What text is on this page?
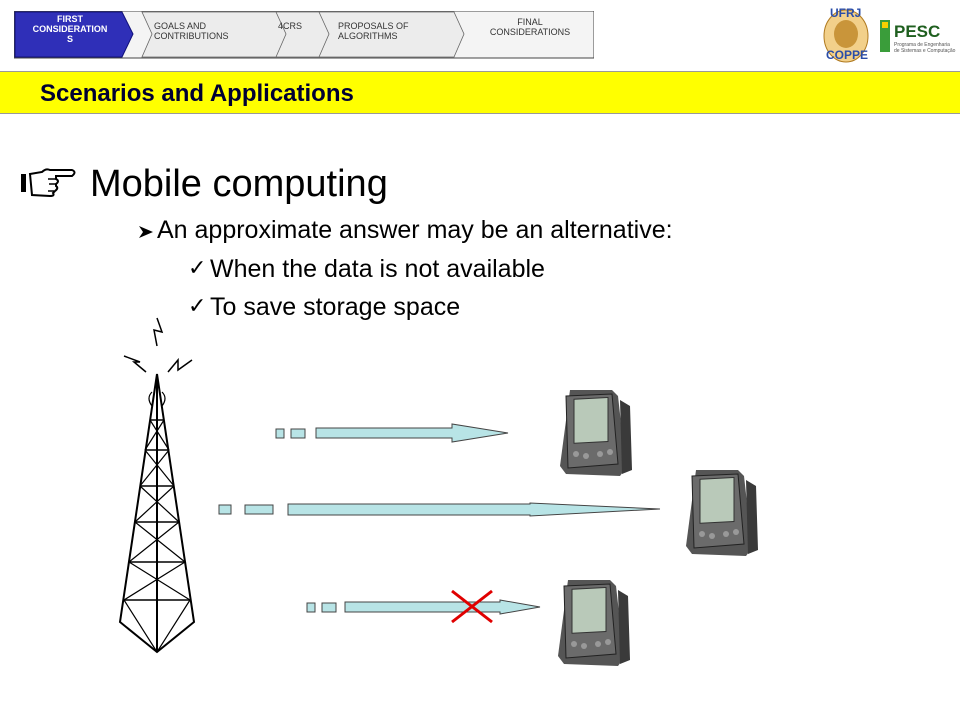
FIRST
CONSIDERATION
S
GOALS AND
CONTRIBUTIONS
4CRS	PROPOSALS OF
ALGORITHMS
FINAL
CONSIDERATIONS
UFRJ
COPPE
PESC
Programa de Engenharia
de Sistemas e Computação
Scenarios and Applications
Mobile computing
An approximate answer may be an alternative:
✓ When the data is not available
✓ To save storage space
